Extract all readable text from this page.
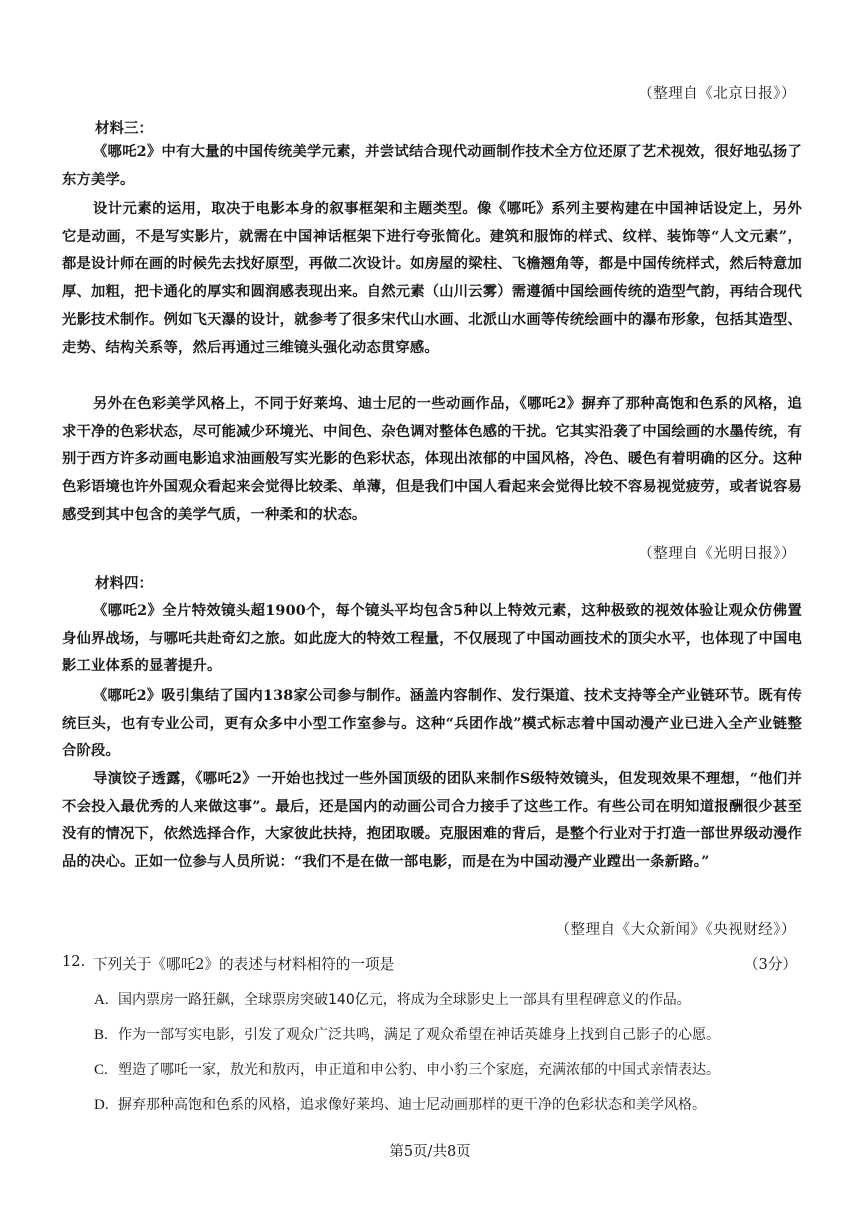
（整理自《北京日报》）
材料三：

《哪吒2》中有大量的中国传统美学元素，并尝试结合现代动画制作技术全方位还原了艺术视效，很好地弘扬了东方美学。

设计元素的运用，取决于电影本身的叙事框架和主题类型。像《哪吒》系列主要构建在中国神话设定上，另外它是动画，不是写实影片，就需在中国神话框架下进行夸张简化。建筑和服饰的样式、纹样、装饰等“人文元素”，都是设计师在画的时候先去找好原型，再做二次设计。如房屋的梁柱、飞檐翘角等，都是中国传统样式，然后特意加厚、加粗，把卡通化的厚实和圆润感表现出来。自然元素（山川云雾）需遵循中国绘画传统的造型气韵，再结合现代光影技术制作。例如飞天瀑的设计，就参考了很多宋代山水画、北派山水画等传统绘画中的瀑布形象，包括其造型、走势、结构关系等，然后再通过三维镜头强化动态贯穿感。

另外在色彩美学风格上，不同于好莱坞、迪士尼的一些动画作品，《哪吒2》摒弃了那种高饱和色系的风格，追求干净的色彩状态，尽可能减少环境光、中间色、杂色调对整体色感的干扰。它其实沿袭了中国绘画的水墨传统，有别于西方许多动画电影追求油画般写实光影的色彩状态，体现出浓郁的中国风格，冷色、暖色有着明确的区分。这种色彩语境也许外国观众看起来会觉得比较柔、单薄，但是我们中国人看起来会觉得比较不容易视觉疲劳，或者说容易感受到其中包含的美学气质，一种柔和的状态。

（整理自《光明日报》）
材料四：

《哪吒2》全片特效镜头超1900个，每个镜头平均包含5种以上特效元素，这种极致的视效体验让观众仿佛置身仙界战场，与哪吒共赴奇幻之旅。如此庞大的特效工程量，不仅展现了中国动画技术的顶尖水平，也体现了中国电影工业体系的显著提升。

《哪吒2》吸引集结了国内138家公司参与制作。涵盖内容制作、发行渠道、技术支持等全产业链环节。既有传统巨头，也有专业公司，更有众多中小型工作室参与。这种“兵团作战”模式标志着中国动漫产业已进入全产业链整合阶段。

导演饺子透露，《哪吒2》一开始也找过一些外国顶级的团队来制作S级特效镜头，但发现效果不理想，“他们并不会投入最优秀的人来做这事”。最后，还是国内的动画公司合力接手了这些工作。有些公司在明知道报酬很少甚至没有的情况下，依然选择合作，大家彼此扶持，抱团取暖。克服困难的背后，是整个行业对于打造一部世界级动漫作品的决心。正如一位参与人员所说：“我们不是在做一部电影，而是在为中国动漫产业蹚出一条新路。”

（整理自《大众新闻》《央视财经》）
12. 下列关于《哪吒2》的表述与材料相符的一项是	（3分）
A. 国内票房一路狂飙，全球票房突破140亿元，将成为全球影史上一部具有里程碑意义的作品。
B. 作为一部写实电影，引发了观众广泛共鸣，满足了观众希望在神话英雄身上找到自己影子的心愿。
C. 塑造了哪吒一家，敖光和敖丙，申正道和申公豹、申小豹三个家庭，充满浓郁的中国式亲情表达。
D. 摒弃那种高饱和色系的风格，追求像好莱坞、迪士尼动画那样的更干净的色彩状态和美学风格。
第5页/共8页
